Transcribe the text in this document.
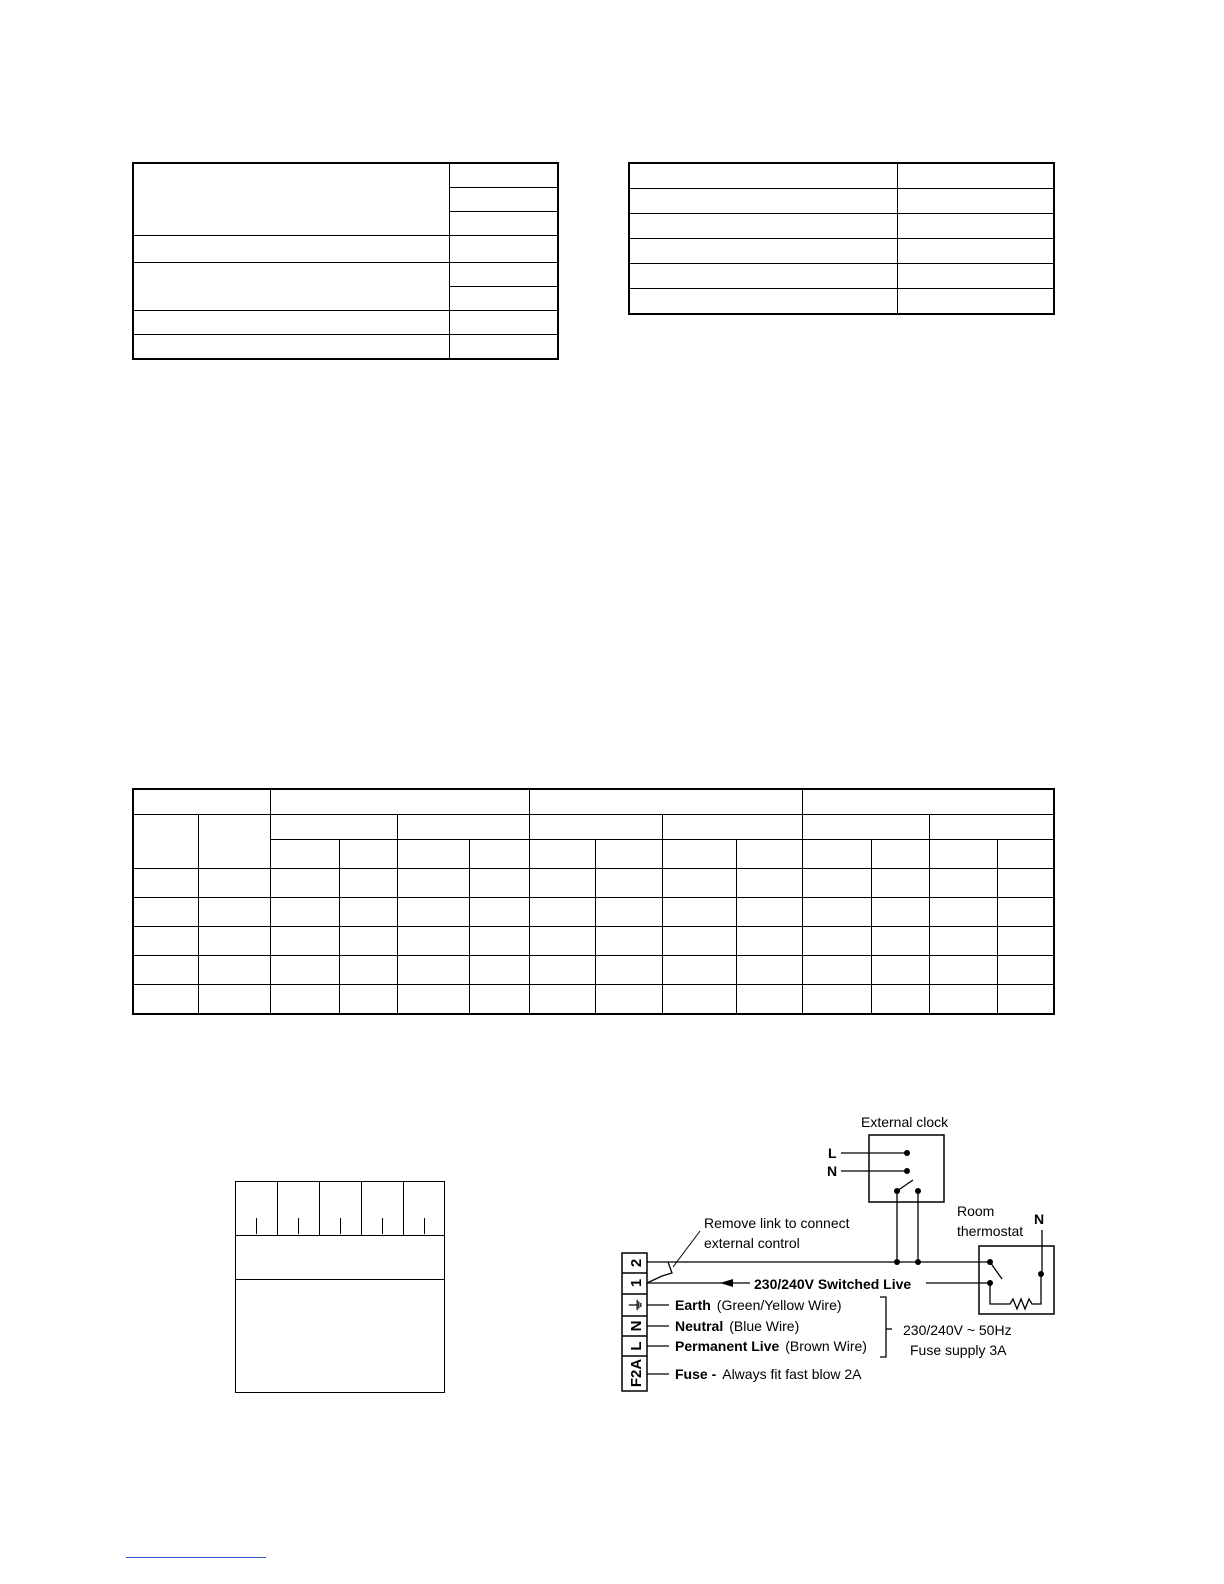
External clock
L
N
Room
thermostat
N
2
1
⏚
N
L
F2A
Remove link to connect
external control
230/240V Switched Live
Earth (Green/Yellow Wire)
Neutral (Blue Wire)
Permanent Live (Brown Wire)
Fuse - Always fit fast blow 2A
230/240V ~ 50Hz
Fuse supply 3A
